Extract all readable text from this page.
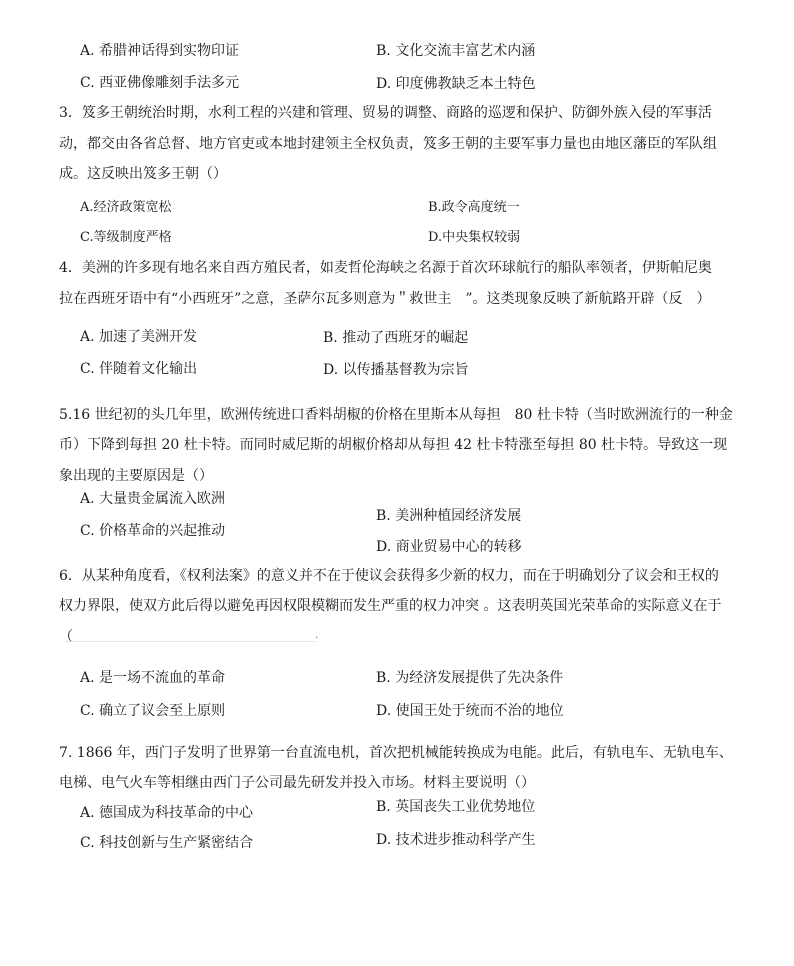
A. 希腊神话得到实物印证	B. 文化交流丰富艺术内涵
C. 西亚佛像雕刻手法多元	D. 印度佛教缺乏本土特色
3．笈多王朝统治时期，水利工程的兴建和管理、贸易的调整、商路的巡逻和保护、防御外族入侵的军事活
动，都交由各省总督、地方官吏或本地封建领主全权负责，笈多王朝的主要军事力量也由地区藩臣的军队组
成。这反映出笈多王朝（）
A.经济政策宽松	B.政令高度统一
C.等级制度严格	D.中央集权较弱
4．美洲的许多现有地名来自西方殖民者，如麦哲伦海峡之名源于首次环球航行的船队率领者，伊斯帕尼奥
拉在西班牙语中有“小西班牙”之意，圣萨尔瓦多则意为＂救世主　”。这类现象反映了新航路开辟（反　）
A. 加速了美洲开发	B. 推动了西班牙的崛起
C. 伴随着文化输出	D. 以传播基督教为宗旨
5.16 世纪初的头几年里，欧洲传统进口香料胡椒的价格在里斯本从每担　80 杜卡特（当时欧洲流行的一种金
币）下降到每担 20 杜卡特。而同时威尼斯的胡椒价格却从每担 42 杜卡特涨至每担 80 杜卡特。导致这一现
象出现的主要原因是（）
A. 大量贵金属流入欧洲
B. 美洲种植园经济发展
C. 价格革命的兴起推动
D. 商业贸易中心的转移
6．从某种角度看，《权利法案》的意义并不在于使议会获得多少新的权力，而在于明确划分了议会和王权的
权力界限，使双方此后得以避免再因权限模糊而发生严重的权力冲突 。这表明英国光荣革命的实际意义在于
（	·
A. 是一场不流血的革命	B. 为经济发展提供了先决条件
C. 确立了议会至上原则	D. 使国王处于统而不治的地位
7. 1866 年，西门子发明了世界第一台直流电机，首次把机械能转换成为电能。此后，有轨电车、无轨电车、
电梯、电气火车等相继由西门子公司最先研发并投入市场。材料主要说明（）
B. 英国丧失工业优势地位
A. 德国成为科技革命的中心
D. 技术进步推动科学产生
C. 科技创新与生产紧密结合
